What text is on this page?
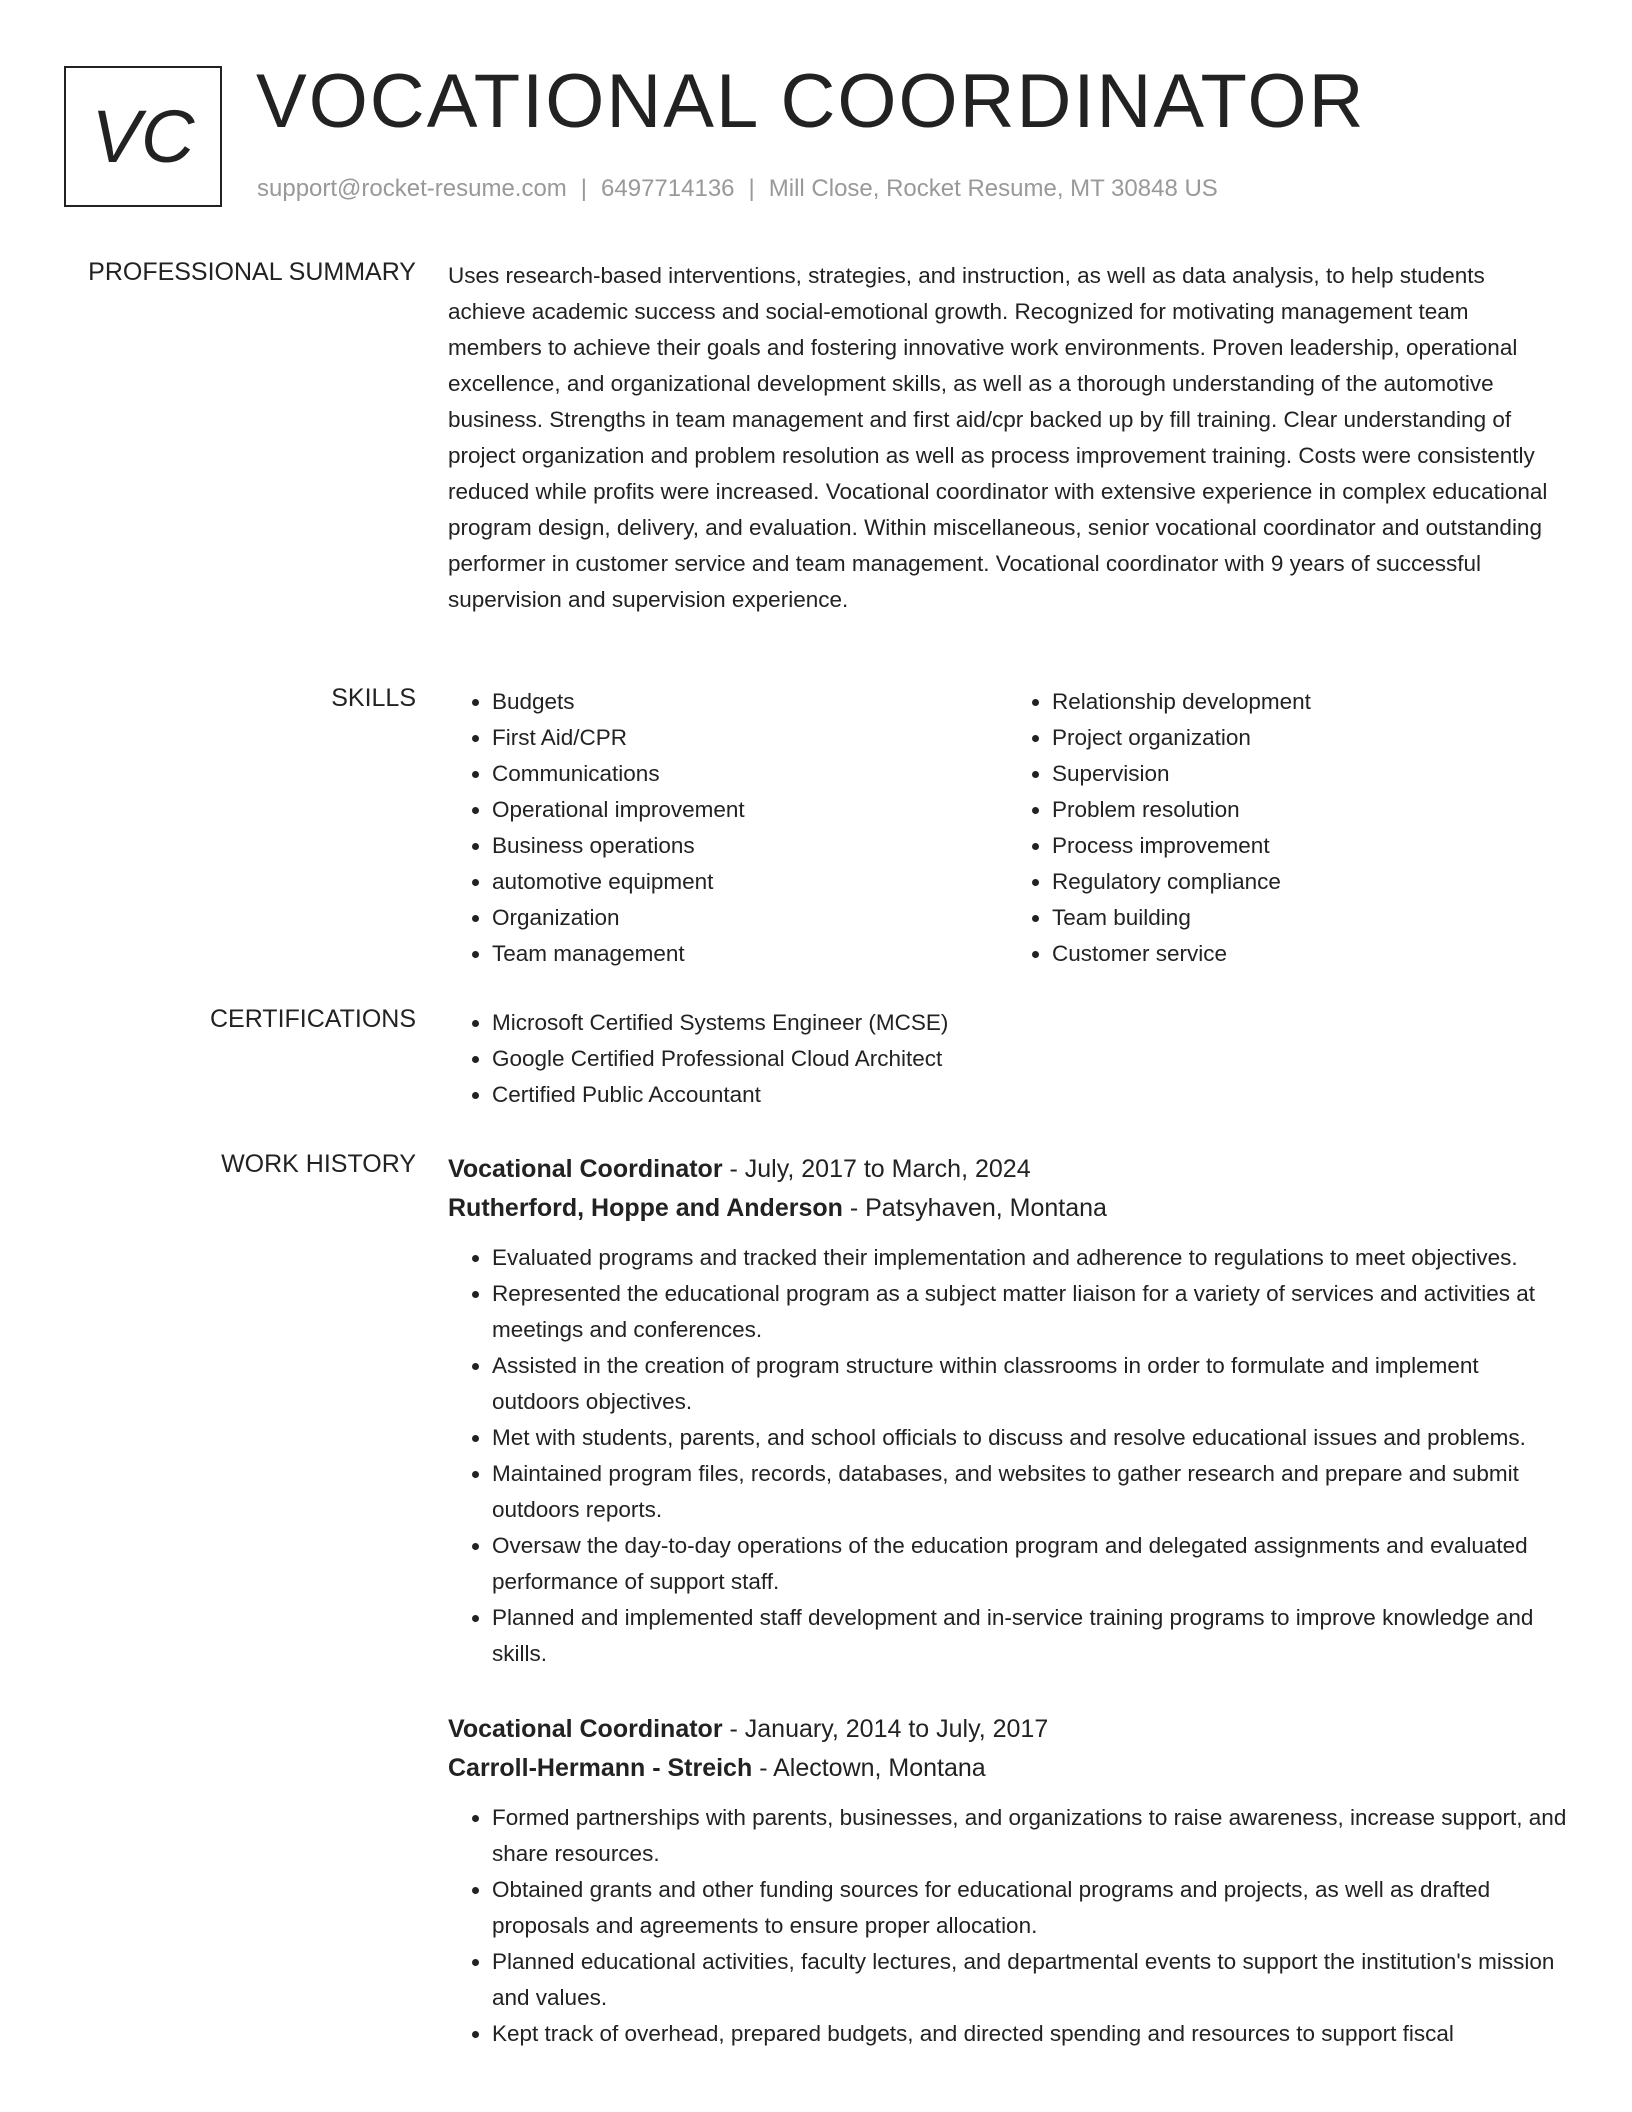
VC VOCATIONAL COORDINATOR
support@rocket-resume.com | 6497714136 | Mill Close, Rocket Resume, MT 30848 US
PROFESSIONAL SUMMARY Uses research-based interventions, strategies, and instruction, as well as data analysis, to help students achieve academic success and social-emotional growth. Recognized for motivating management team members to achieve their goals and fostering innovative work environments. Proven leadership, operational excellence, and organizational development skills, as well as a thorough understanding of the automotive business. Strengths in team management and first aid/cpr backed up by fill training. Clear understanding of project organization and problem resolution as well as process improvement training. Costs were consistently reduced while profits were increased. Vocational coordinator with extensive experience in complex educational program design, delivery, and evaluation. Within miscellaneous, senior vocational coordinator and outstanding performer in customer service and team management. Vocational coordinator with 9 years of successful supervision and supervision experience.

SKILLS	• Budgets
• First Aid/CPR
• Communications
• Operational improvement
• Business operations
• automotive equipment
• Organization
• Team management
• Relationship development
• Project organization
• Supervision
• Problem resolution
• Process improvement
• Regulatory compliance
• Team building
• Customer service
CERTIFICATIONS	• Microsoft Certified Systems Engineer (MCSE)
• Google Certified Professional Cloud Architect
• Certified Public Accountant
WORK HISTORY Vocational Coordinator - July, 2017 to March, 2024
Rutherford, Hoppe and Anderson - Patsyhaven, Montana
• Evaluated programs and tracked their implementation and adherence to regulations to meet objectives.
• Represented the educational program as a subject matter liaison for a variety of services and activities at meetings and conferences.
• Assisted in the creation of program structure within classrooms in order to formulate and implement outdoors objectives.
• Met with students, parents, and school officials to discuss and resolve educational issues and problems.
• Maintained program files, records, databases, and websites to gather research and prepare and submit outdoors reports.
• Oversaw the day-to-day operations of the education program and delegated assignments and evaluated performance of support staff.
• Planned and implemented staff development and in-service training programs to improve knowledge and skills.
Vocational Coordinator - January, 2014 to July, 2017
Carroll-Hermann - Streich - Alectown, Montana
• Formed partnerships with parents, businesses, and organizations to raise awareness, increase support, and share resources.
• Obtained grants and other funding sources for educational programs and projects, as well as drafted proposals and agreements to ensure proper allocation.
• Planned educational activities, faculty lectures, and departmental events to support the institution's mission and values.
• Kept track of overhead, prepared budgets, and directed spending and resources to support fiscal
